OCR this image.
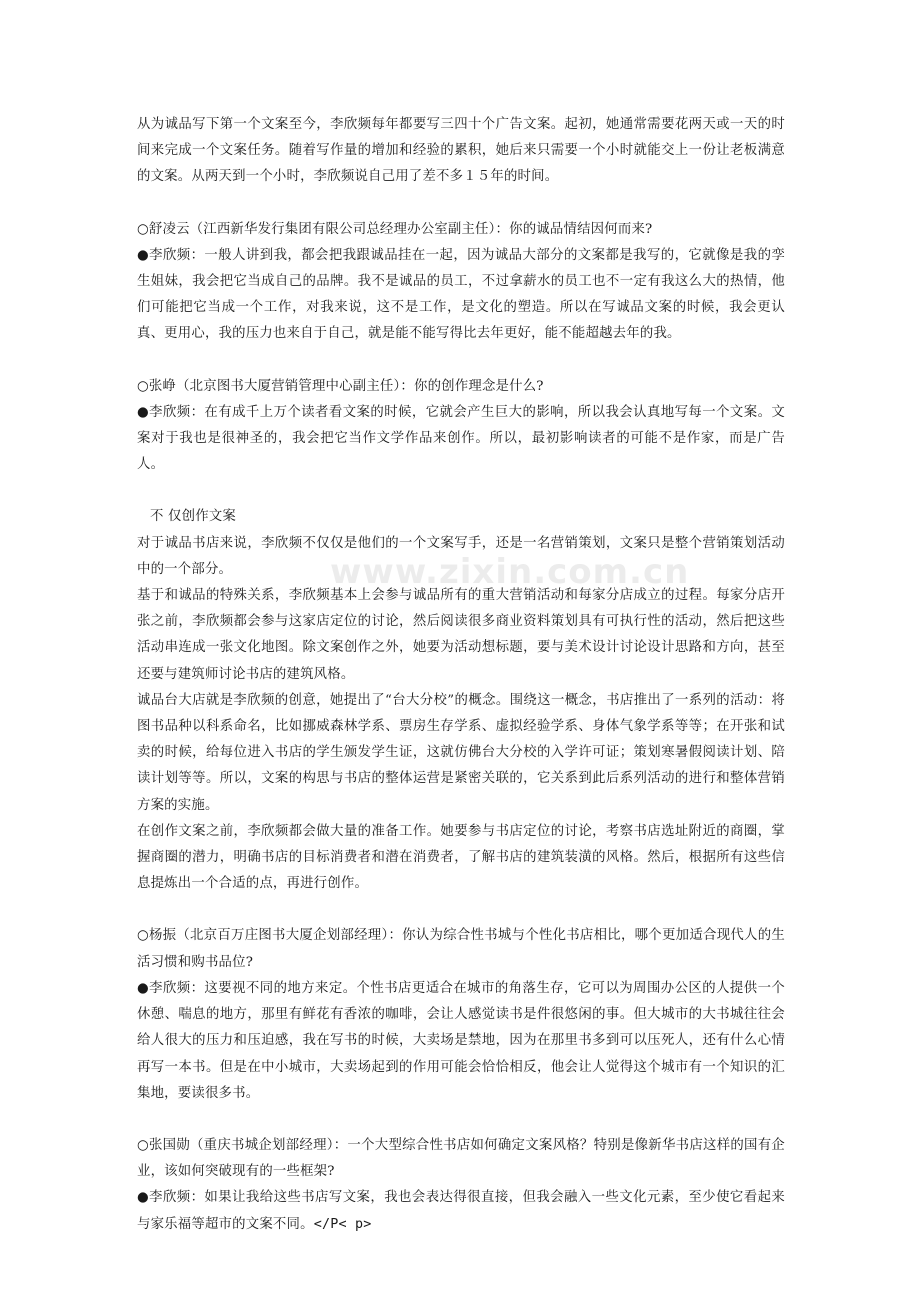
从为诚品写下第一个文案至今，李欣频每年都要写三四十个广告文案。起初，她通常需要花两天或一天的时间来完成一个文案任务。随着写作量的增加和经验的累积，她后来只需要一个小时就能交上一份让老板满意的文案。从两天到一个小时，李欣频说自己用了差不多１５年的时间。

○舒凌云（江西新华发行集团有限公司总经理办公室副主任）：你的诚品情结因何而来?

●李欣频：一般人讲到我，都会把我跟诚品挂在一起，因为诚品大部分的文案都是我写的，它就像是我的孪生姐妹，我会把它当成自己的品牌。我不是诚品的员工，不过拿薪水的员工也不一定有我这么大的热情，他们可能把它当成一个工作，对我来说，这不是工作，是文化的塑造。所以在写诚品文案的时候，我会更认真、更用心，我的压力也来自于自己，就是能不能写得比去年更好，能不能超越去年的我。

○张峥（北京图书大厦营销管理中心副主任）：你的创作理念是什么?

●李欣频：在有成千上万个读者看文案的时候，它就会产生巨大的影响，所以我会认真地写每一个文案。文案对于我也是很神圣的，我会把它当作文学作品来创作。所以，最初影响读者的可能不是作家，而是广告人。

不 仅创作文案

对于诚品书店来说，李欣频不仅仅是他们的一个文案写手，还是一名营销策划，文案只是整个营销策划活动中的一个部分。

基于和诚品的特殊关系，李欣频基本上会参与诚品所有的重大营销活动和每家分店成立的过程。每家分店开张之前，李欣频都会参与这家店定位的讨论，然后阅读很多商业资料策划具有可执行性的活动，然后把这些活动串连成一张文化地图。除文案创作之外，她要为活动想标题，要与美术设计讨论设计思路和方向，甚至还要与建筑师讨论书店的建筑风格。

诚品台大店就是李欣频的创意，她提出了“台大分校”的概念。围绕这一概念，书店推出了一系列的活动：将图书品种以科系命名，比如挪威森林学系、票房生存学系、虚拟经验学系、身体气象学系等等；在开张和试卖的时候，给每位进入书店的学生颁发学生证，这就仿佛台大分校的入学许可证；策划寒暑假阅读计划、陪读计划等等。所以，文案的构思与书店的整体运营是紧密关联的，它关系到此后系列活动的进行和整体营销方案的实施。

在创作文案之前，李欣频都会做大量的准备工作。她要参与书店定位的讨论，考察书店选址附近的商圈，掌握商圈的潜力，明确书店的目标消费者和潜在消费者，了解书店的建筑装潢的风格。然后，根据所有这些信息提炼出一个合适的点，再进行创作。

○杨振（北京百万庄图书大厦企划部经理）：你认为综合性书城与个性化书店相比，哪个更加适合现代人的生活习惯和购书品位?

●李欣频：这要视不同的地方来定。个性书店更适合在城市的角落生存，它可以为周围办公区的人提供一个休憩、喘息的地方，那里有鲜花有香浓的咖啡，会让人感觉读书是件很悠闲的事。但大城市的大书城往往会给人很大的压力和压迫感，我在写书的时候，大卖场是禁地，因为在那里书多到可以压死人，还有什么心情再写一本书。但是在中小城市，大卖场起到的作用可能会恰恰相反，他会让人觉得这个城市有一个知识的汇集地，要读很多书。

○张国勋（重庆书城企划部经理）：一个大型综合性书店如何确定文案风格？特别是像新华书店这样的国有企业，该如何突破现有的一些框架?

●李欣频：如果让我给这些书店写文案，我也会表达得很直接，但我会融入一些文化元素，至少使它看起来与家乐福等超市的文案不同。</P< p>

www.zixin.com.cn
